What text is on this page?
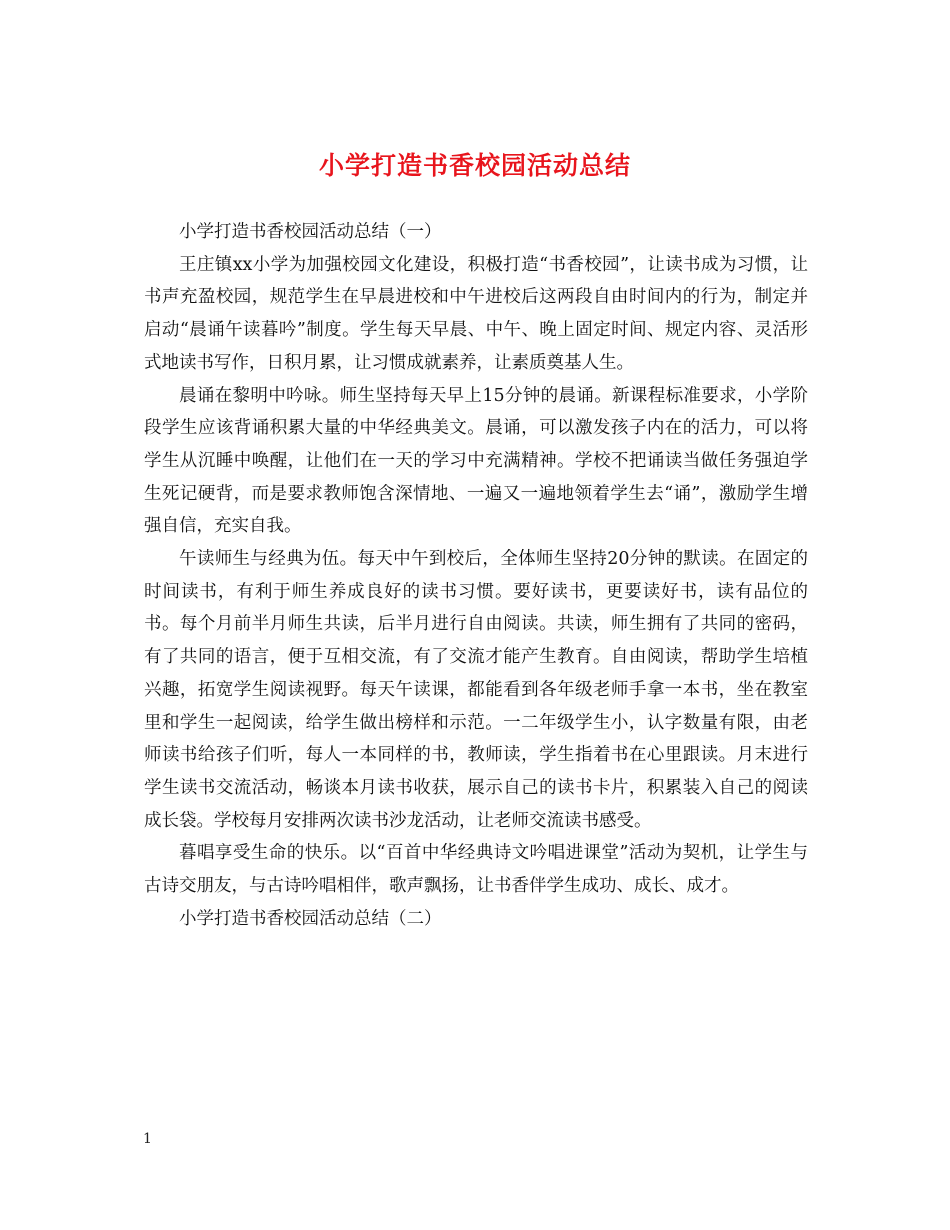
小学打造书香校园活动总结

小学打造书香校园活动总结（一）

王庄镇xx小学为加强校园文化建设，积极打造“书香校园”，让读书成为习惯，让书声充盈校园，规范学生在早晨进校和中午进校后这两段自由时间内的行为，制定并启动“晨诵午读暮吟”制度。学生每天早晨、中午、晚上固定时间、规定内容、灵活形式地读书写作，日积月累，让习惯成就素养，让素质奠基人生。

晨诵在黎明中吟咏。师生坚持每天早上15分钟的晨诵。新课程标准要求，小学阶段学生应该背诵积累大量的中华经典美文。晨诵，可以激发孩子内在的活力，可以将学生从沉睡中唤醒，让他们在一天的学习中充满精神。学校不把诵读当做任务强迫学生死记硬背，而是要求教师饱含深情地、一遍又一遍地领着学生去“诵”，激励学生增强自信，充实自我。

午读师生与经典为伍。每天中午到校后，全体师生坚持20分钟的默读。在固定的时间读书，有利于师生养成良好的读书习惯。要好读书，更要读好书，读有品位的书。每个月前半月师生共读，后半月进行自由阅读。共读，师生拥有了共同的密码，有了共同的语言，便于互相交流，有了交流才能产生教育。自由阅读，帮助学生培植兴趣，拓宽学生阅读视野。每天午读课，都能看到各年级老师手拿一本书，坐在教室里和学生一起阅读，给学生做出榜样和示范。一二年级学生小，认字数量有限，由老师读书给孩子们听，每人一本同样的书，教师读，学生指着书在心里跟读。月末进行学生读书交流活动，畅谈本月读书收获，展示自己的读书卡片，积累装入自己的阅读成长袋。学校每月安排两次读书沙龙活动，让老师交流读书感受。

暮唱享受生命的快乐。以“百首中华经典诗文吟唱进课堂”活动为契机，让学生与古诗交朋友，与古诗吟唱相伴，歌声飘扬，让书香伴学生成功、成长、成才。

小学打造书香校园活动总结（二）

1
